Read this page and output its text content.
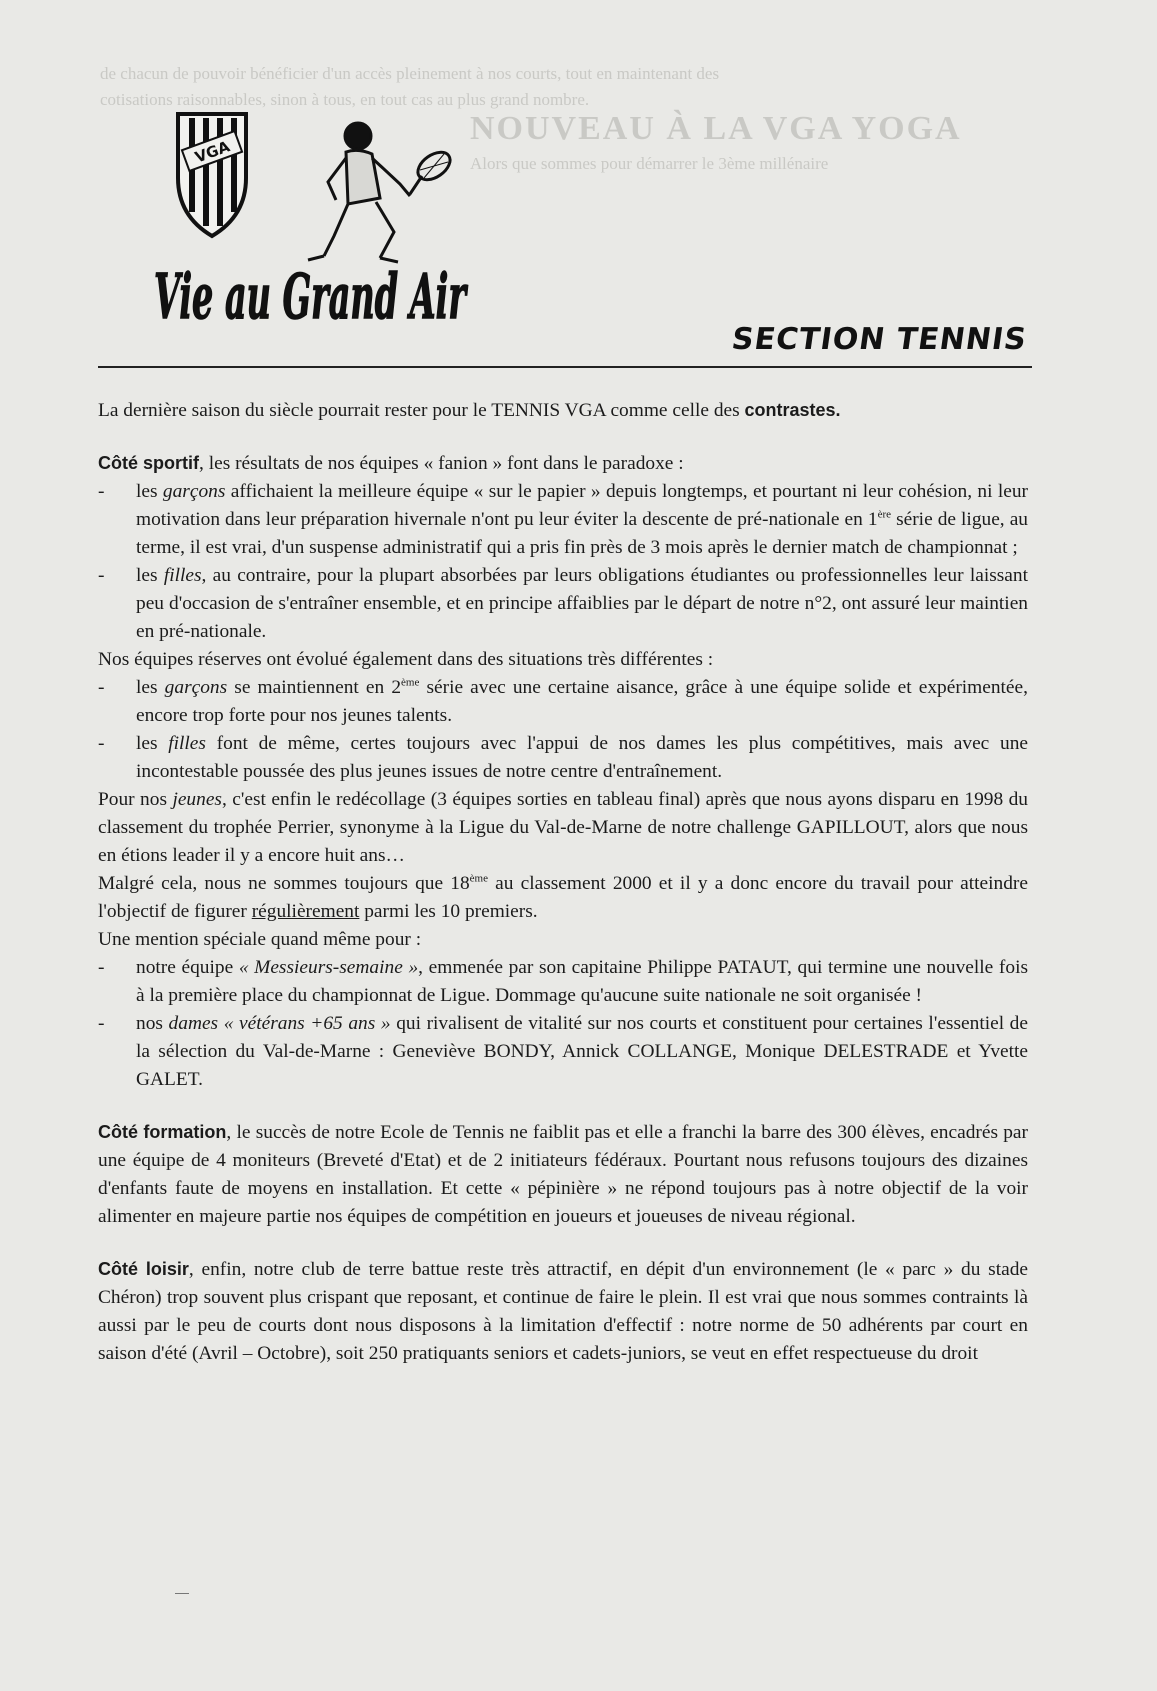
de chacun de pouvoir bénéficier d'un accès pleinement à nos courts, tout en maintenant des
cotisations raisonnables, sinon à tous, en tout cas au plus grand nombre.
NOUVEAU À LA VGA YOGA
Alors que sommes pour démarrer le 3ème millénaire
VGA
Vie au Grand Air
SECTION TENNIS

La dernière saison du siècle pourrait rester pour le TENNIS VGA comme celle des contrastes.

Côté sportif, les résultats de nos équipes « fanion » font dans le paradoxe :

-	les garçons affichaient la meilleure équipe « sur le papier » depuis longtemps, et pourtant ni leur cohésion, ni leur motivation dans leur préparation hivernale n'ont pu leur éviter la descente de pré-nationale en 1ère série de ligue, au terme, il est vrai, d'un suspense administratif qui a pris fin près de 3 mois après le dernier match de championnat ;
-	les filles, au contraire, pour la plupart absorbées par leurs obligations étudiantes ou professionnelles leur laissant peu d'occasion de s'entraîner ensemble, et en principe affaiblies par le départ de notre n°2, ont assuré leur maintien en pré-nationale.

Nos équipes réserves ont évolué également dans des situations très différentes :

-	les garçons se maintiennent en 2ème série avec une certaine aisance, grâce à une équipe solide et expérimentée, encore trop forte pour nos jeunes talents.
-	les filles font de même, certes toujours avec l'appui de nos dames les plus compétitives, mais avec une incontestable poussée des plus jeunes issues de notre centre d'entraînement.

Pour nos jeunes, c'est enfin le redécollage (3 équipes sorties en tableau final) après que nous ayons disparu en 1998 du classement du trophée Perrier, synonyme à la Ligue du Val-de-Marne de notre challenge GAPILLOUT, alors que nous en étions leader il y a encore huit ans…

Malgré cela, nous ne sommes toujours que 18ème au classement 2000 et il y a donc encore du travail pour atteindre l'objectif de figurer régulièrement parmi les 10 premiers.

Une mention spéciale quand même pour :

-	notre équipe « Messieurs-semaine », emmenée par son capitaine Philippe PATAUT, qui termine une nouvelle fois à la première place du championnat de Ligue. Dommage qu'aucune suite nationale ne soit organisée !
-	nos dames « vétérans +65 ans » qui rivalisent de vitalité sur nos courts et constituent pour certaines l'essentiel de la sélection du Val-de-Marne : Geneviève BONDY, Annick COLLANGE, Monique DELESTRADE et Yvette GALET.

Côté formation, le succès de notre Ecole de Tennis ne faiblit pas et elle a franchi la barre des 300 élèves, encadrés par une équipe de 4 moniteurs (Breveté d'Etat) et de 2 initiateurs fédéraux. Pourtant nous refusons toujours des dizaines d'enfants faute de moyens en installation. Et cette « pépinière » ne répond toujours pas à notre objectif de la voir alimenter en majeure partie nos équipes de compétition en joueurs et joueuses de niveau régional.

Côté loisir, enfin, notre club de terre battue reste très attractif, en dépit d'un environnement (le « parc » du stade Chéron) trop souvent plus crispant que reposant, et continue de faire le plein. Il est vrai que nous sommes contraints là aussi par le peu de courts dont nous disposons à la limitation d'effectif : notre norme de 50 adhérents par court en saison d'été (Avril – Octobre), soit 250 pratiquants seniors et cadets-juniors, se veut en effet respectueuse du droit
